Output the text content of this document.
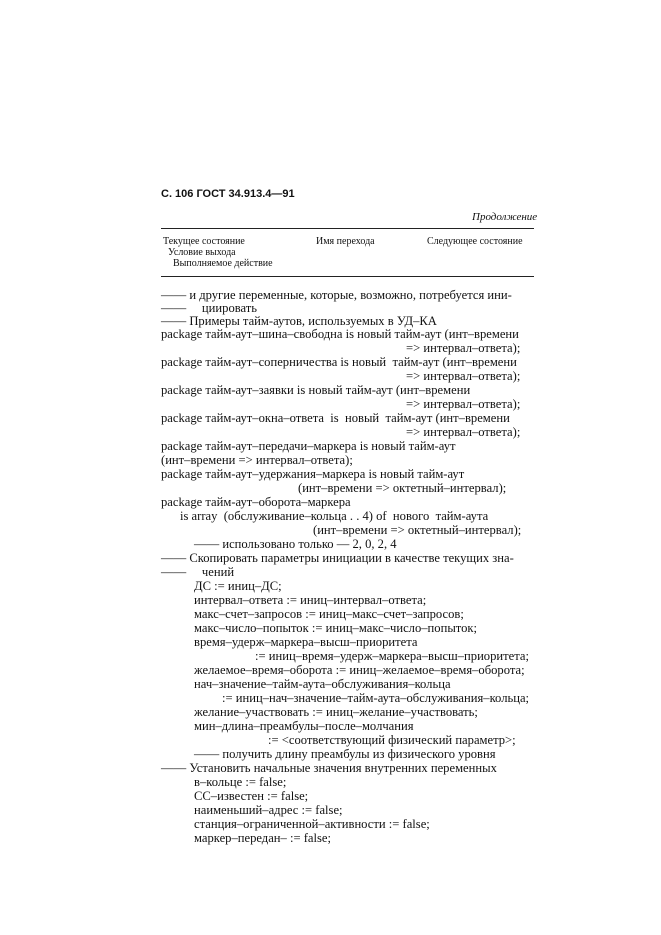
С. 106 ГОСТ 34.913.4—91
Продолжение
Текущее состояние
Условие выхода
Выполняемое действие
Имя перехода	Следующее состояние
—— и другие переменные, которые, возможно, потребуется ини-
——     циировать
—— Примеры тайм-аутов, используемых в УД–КА
package тайм-аут–шина–свободна is новый тайм-аут (инт–времени
=> интервал–ответа);
package тайм-аут–соперничества is новый  тайм-аут (инт–времени
=> интервал–ответа);
package тайм-аут–заявки is новый тайм-аут (инт–времени
=> интервал–ответа);
package тайм-аут–окна–ответа  is  новый  тайм-аут (инт–времени
=> интервал–ответа);
package тайм-аут–передачи–маркера is новый тайм-аут
(инт–времени => интервал–ответа);
package тайм-аут–удержания–маркера is новый тайм-аут
(инт–времени => октетный–интервал);
package тайм-аут–оборота–маркера
is array  (обслуживание–кольца . . 4) of  нового  тайм-аута
(инт–времени => октетный–интервал);
—— использовано только — 2, 0, 2, 4
—— Скопировать параметры инициации в качестве текущих зна-
——     чений
ДС := иниц–ДС;
интервал–ответа := иниц–интервал–ответа;
макс–счет–запросов := иниц–макс–счет–запросов;
макс–число–попыток := иниц–макс–число–попыток;
время–удерж–маркера–высш–приоритета
:= иниц–время–удерж–маркера–высш–приоритета;
желаемое–время–оборота := иниц–желаемое–время–оборота;
нач–значение–тайм-аута–обслуживания–кольца
:= иниц–нач–значение–тайм-аута–обслуживания–кольца;
желание–участвовать := иниц–желание–участвовать;
мин–длина–преамбулы–после–молчания
:= <соответствующий физический параметр>;
—— получить длину преамбулы из физического уровня
—— Установить начальные значения внутренних переменных
в–кольце := false;
СС–известен := false;
наименьший–адрес := false;
станция–ограниченной–активности := false;
маркер–передан– := false;
